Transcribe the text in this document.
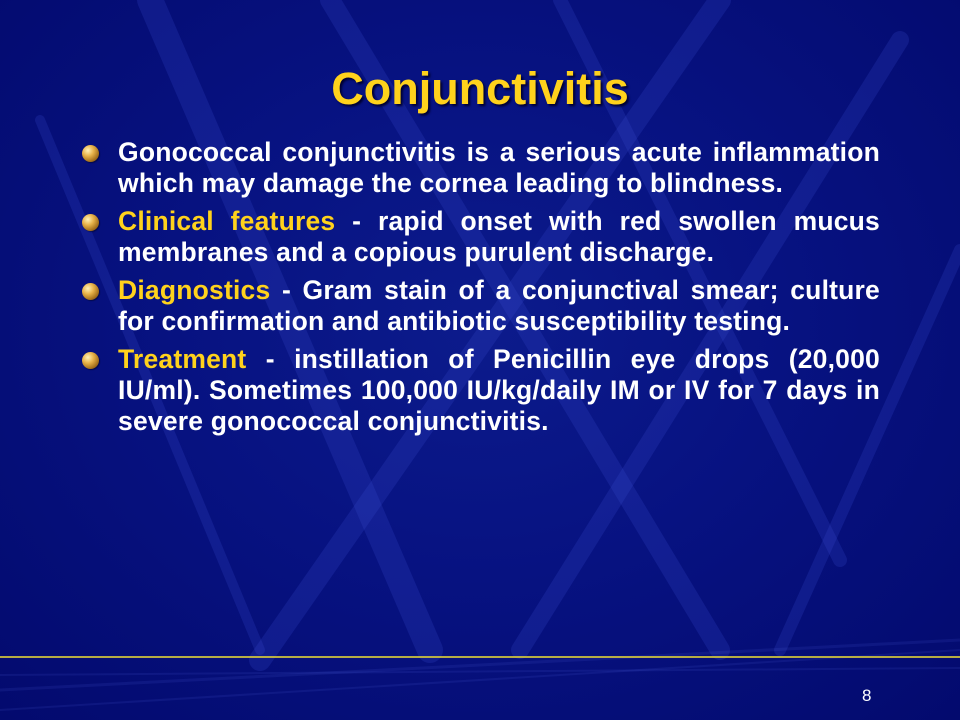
Conjunctivitis
Gonococcal conjunctivitis is a serious acute inflammation which may damage the cornea leading to blindness.
Clinical features - rapid onset with red swollen mucus membranes and a copious purulent discharge.
Diagnostics - Gram stain of a conjunctival smear; culture for confirmation and antibiotic susceptibility testing.
Treatment - instillation of Penicillin eye drops (20,000 IU/ml). Sometimes 100,000 IU/kg/daily IM or IV for 7 days in severe gonococcal conjunctivitis.
8
